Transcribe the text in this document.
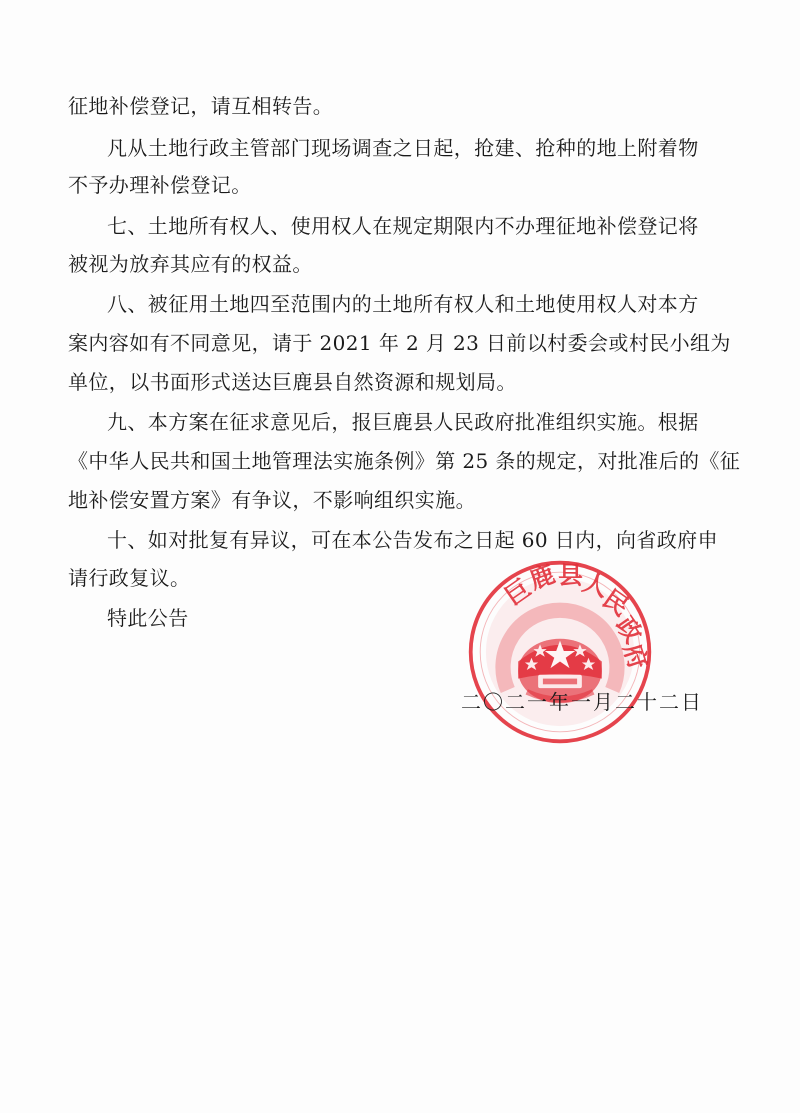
征地补偿登记，请互相转告。
凡从土地行政主管部门现场调查之日起，抢建、抢种的地上附着物
不予办理补偿登记。
七、土地所有权人、使用权人在规定期限内不办理征地补偿登记将
被视为放弃其应有的权益。
八、被征用土地四至范围内的土地所有权人和土地使用权人对本方
案内容如有不同意见，请于 2021 年 2 月 23 日前以村委会或村民小组为
单位，以书面形式送达巨鹿县自然资源和规划局。
九、本方案在征求意见后，报巨鹿县人民政府批准组织实施。根据
《中华人民共和国土地管理法实施条例》第 25 条的规定，对批准后的《征
地补偿安置方案》有争议，不影响组织实施。
十、如对批复有异议，可在本公告发布之日起 60 日内，向省政府申
请行政复议。
特此公告
二〇二一年一月二十二日
巨
鹿 县
人
民
政
府
